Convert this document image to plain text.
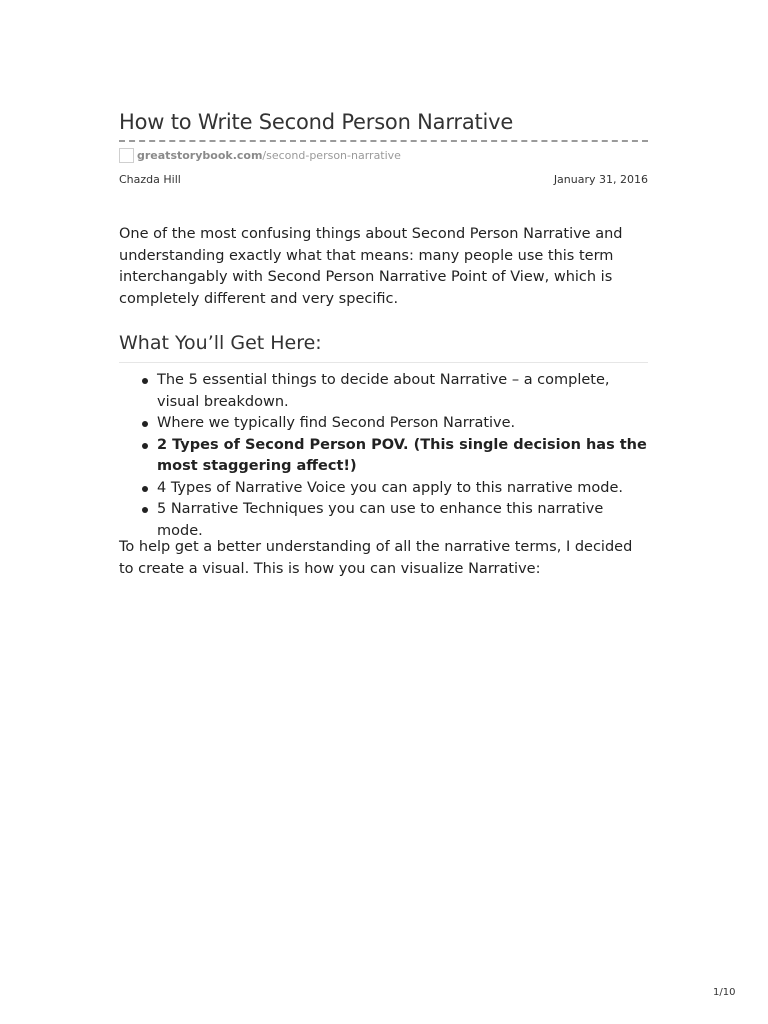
How to Write Second Person Narrative
greatstorybook.com /second-person-narrative
Chazda Hill	January 31, 2016

One of the most confusing things about Second Person Narrative and understanding exactly what that means: many people use this term interchangably with Second Person Narrative Point of View, which is completely different and very specific.

What You’ll Get Here:
The 5 essential things to decide about Narrative – a complete, visual breakdown.
Where we typically find Second Person Narrative.
2 Types of Second Person POV. (This single decision has the most staggering affect!)
4 Types of Narrative Voice you can apply to this narrative mode.
5 Narrative Techniques you can use to enhance this narrative mode.

To help get a better understanding of all the narrative terms, I decided to create a visual. This is how you can visualize Narrative:

1/10
